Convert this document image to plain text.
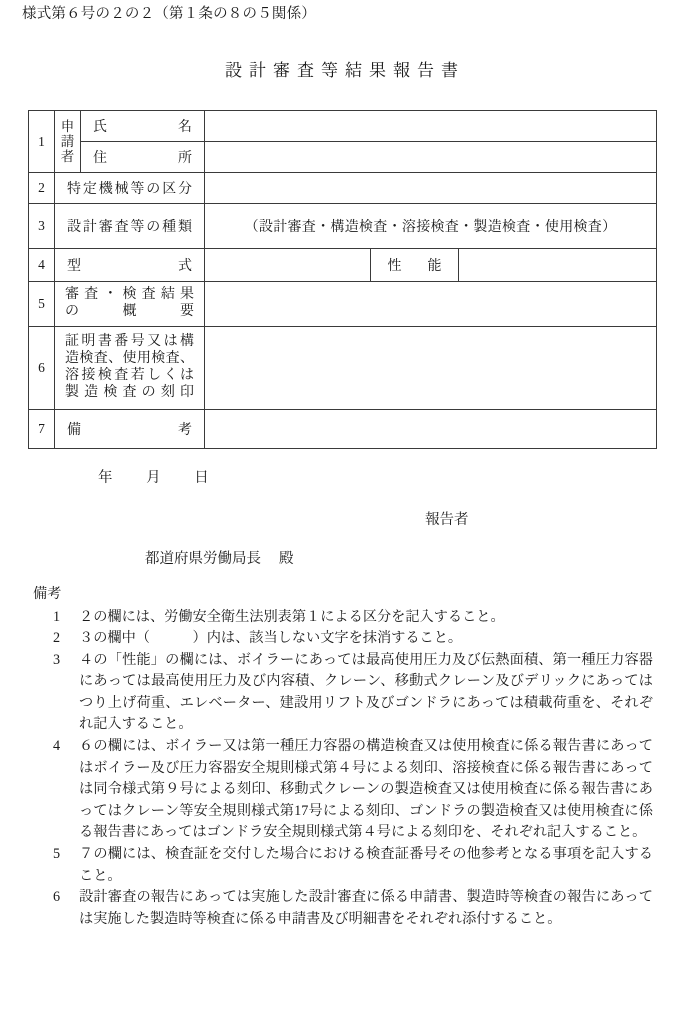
様式第６号の２の２（第１条の８の５関係）
設計審査等結果報告書
1	申
請
者	氏　　　名			

		住　　　所			

2	特定機械等の区分				

3	設計審査等の種類		（設計審査・構造検査・溶接検査・製造検査・使用検査）		
4	型　　　　式			性　能	
5	審査・検査結果
の　　概　　要				

6	証明書番号又は構
造検査、使用検査、
溶接検査若しくは
製造検査の刻印				

7	備　　　　考				

年 月 日
報告者
都道府県労働局長 殿
備考
1	２の欄には、労働安全衛生法別表第１による区分を記入すること。
2	３の欄中（　　　）内は、該当しない文字を抹消すること。
3	４の「性能」の欄には、ボイラーにあっては最高使用圧力及び伝熱面積、第一種圧力容器にあっては最高使用圧力及び内容積、クレーン、移動式クレーン及びデリックにあってはつり上げ荷重、エレベーター、建設用リフト及びゴンドラにあっては積載荷重を、それぞれ記入すること。
4	６の欄には、ボイラー又は第一種圧力容器の構造検査又は使用検査に係る報告書にあってはボイラー及び圧力容器安全規則様式第４号による刻印、溶接検査に係る報告書にあっては同令様式第９号による刻印、移動式クレーンの製造検査又は使用検査に係る報告書にあってはクレーン等安全規則様式第17号による刻印、ゴンドラの製造検査又は使用検査に係る報告書にあってはゴンドラ安全規則様式第４号による刻印を、それぞれ記入すること。
5	７の欄には、検査証を交付した場合における検査証番号その他参考となる事項を記入すること。
6	設計審査の報告にあっては実施した設計審査に係る申請書、製造時等検査の報告にあっては実施した製造時等検査に係る申請書及び明細書をそれぞれ添付すること。
